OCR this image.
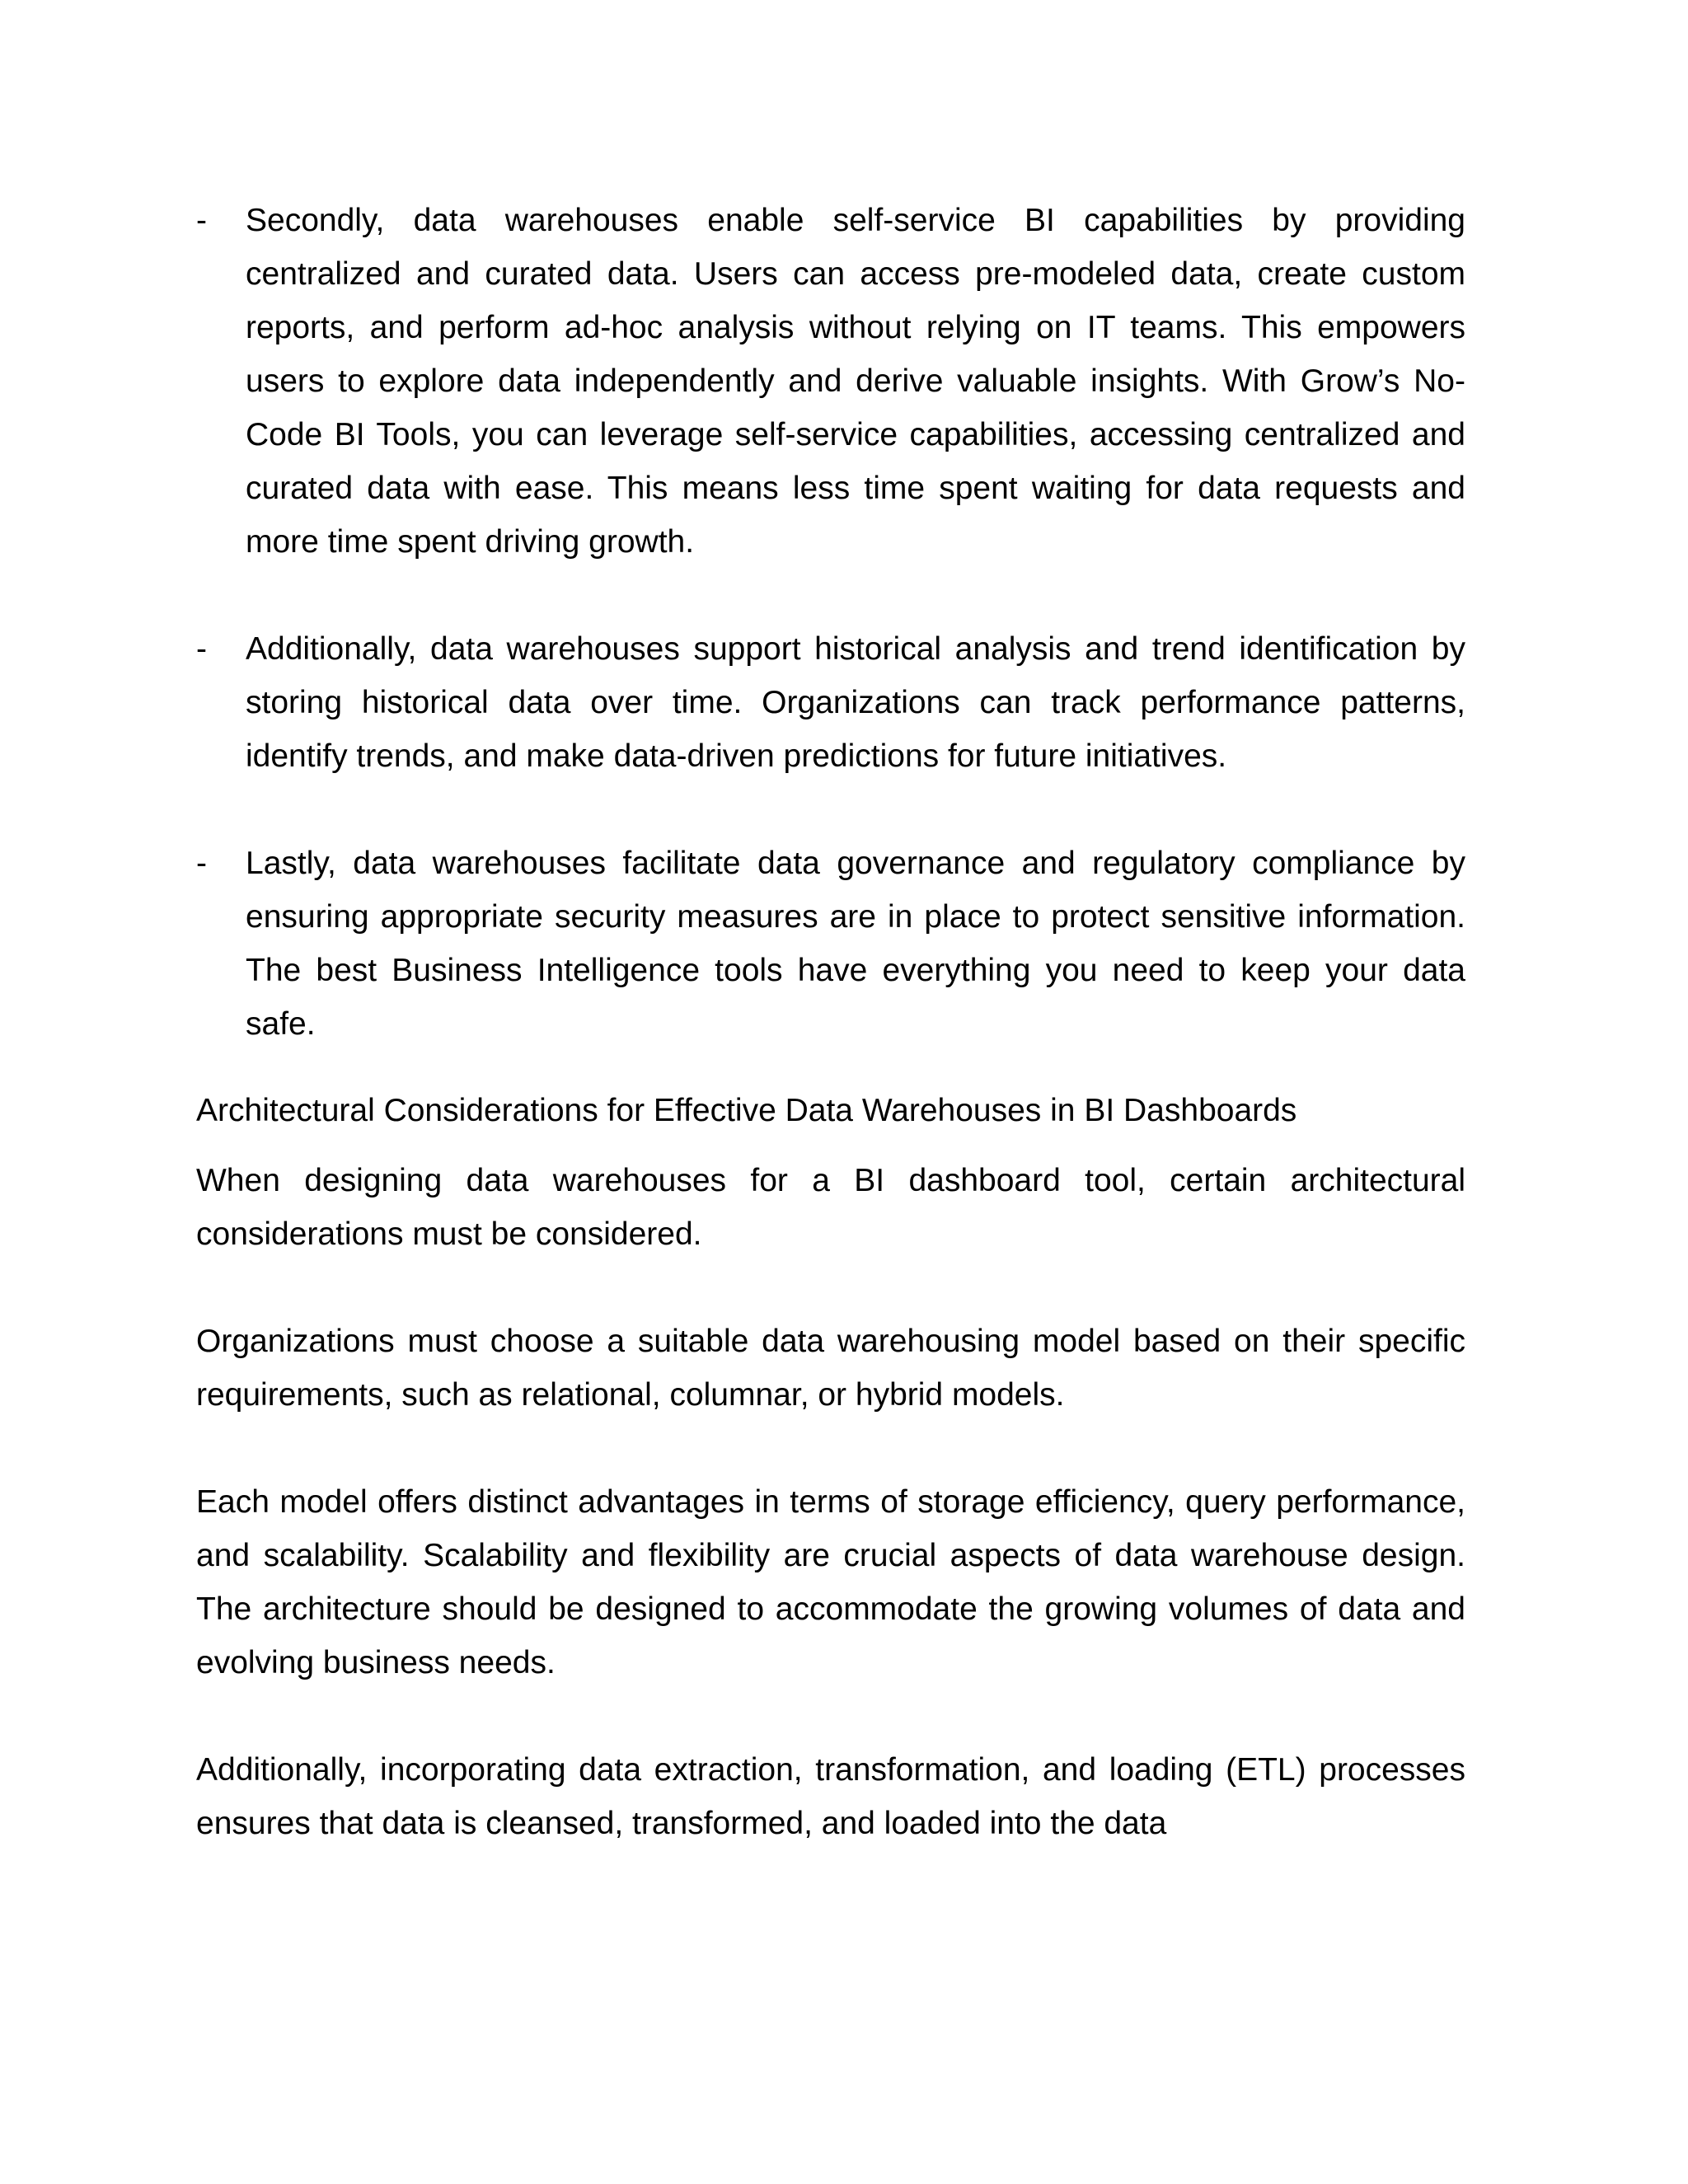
- Secondly, data warehouses enable self-service BI capabilities by providing centralized and curated data. Users can access pre-modeled data, create custom reports, and perform ad-hoc analysis without relying on IT teams. This empowers users to explore data independently and derive valuable insights. With Grow’s No-Code BI Tools, you can leverage self-service capabilities, accessing centralized and curated data with ease. This means less time spent waiting for data requests and more time spent driving growth.

- Additionally, data warehouses support historical analysis and trend identification by storing historical data over time. Organizations can track performance patterns, identify trends, and make data-driven predictions for future initiatives.

- Lastly, data warehouses facilitate data governance and regulatory compliance by ensuring appropriate security measures are in place to protect sensitive information. The best Business Intelligence tools have everything you need to keep your data safe.

Architectural Considerations for Effective Data Warehouses in BI Dashboards

When designing data warehouses for a BI dashboard tool, certain architectural considerations must be considered.

Organizations must choose a suitable data warehousing model based on their specific requirements, such as relational, columnar, or hybrid models.

Each model offers distinct advantages in terms of storage efficiency, query performance, and scalability. Scalability and flexibility are crucial aspects of data warehouse design. The architecture should be designed to accommodate the growing volumes of data and evolving business needs.

Additionally, incorporating data extraction, transformation, and loading (ETL) processes ensures that data is cleansed, transformed, and loaded into the data
